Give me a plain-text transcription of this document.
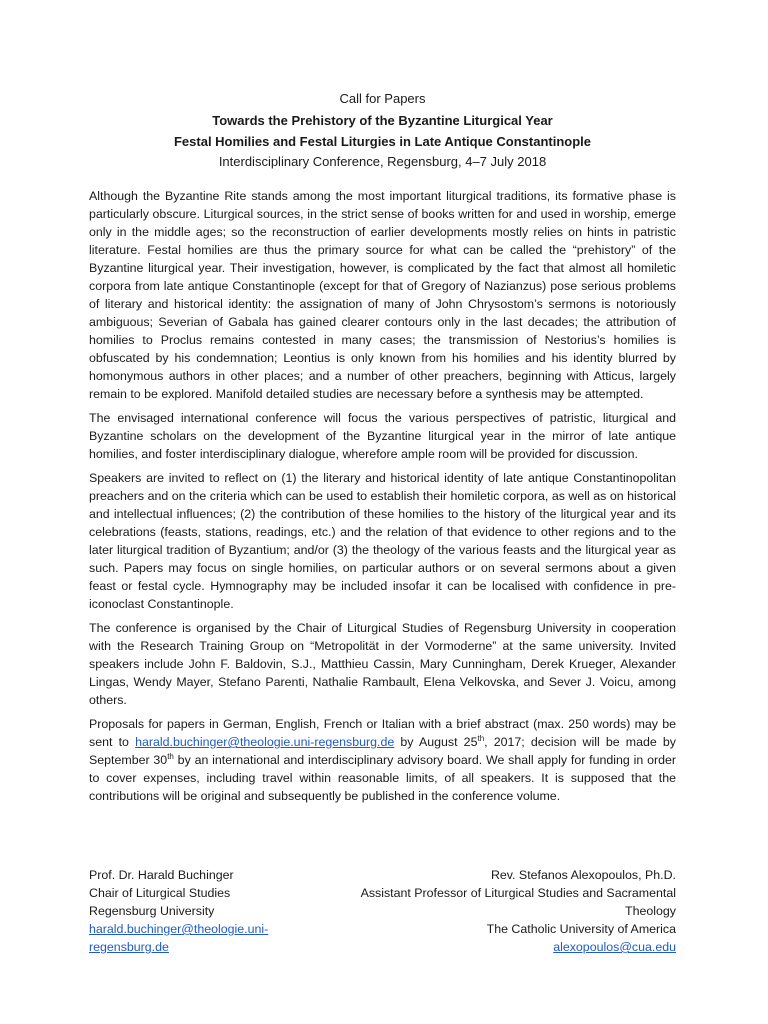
Call for Papers
Towards the Prehistory of the Byzantine Liturgical Year
Festal Homilies and Festal Liturgies in Late Antique Constantinople
Interdisciplinary Conference, Regensburg, 4–7 July 2018

Although the Byzantine Rite stands among the most important liturgical traditions, its formative phase is particularly obscure. Liturgical sources, in the strict sense of books written for and used in worship, emerge only in the middle ages; so the reconstruction of earlier developments mostly relies on hints in patristic literature. Festal homilies are thus the primary source for what can be called the “prehistory” of the Byzantine liturgical year. Their investigation, however, is complicated by the fact that almost all homiletic corpora from late antique Constantinople (except for that of Gregory of Nazianzus) pose serious problems of literary and historical identity: the assignation of many of John Chrysostom’s sermons is notoriously ambiguous; Severian of Gabala has gained clearer contours only in the last decades; the attribution of homilies to Proclus remains contested in many cases; the transmission of Nestorius’s homilies is obfuscated by his condemnation; Leontius is only known from his homilies and his identity blurred by homonymous authors in other places; and a number of other preachers, beginning with Atticus, largely remain to be explored. Manifold detailed studies are necessary before a synthesis may be attempted.

The envisaged international conference will focus the various perspectives of patristic, liturgical and Byzantine scholars on the development of the Byzantine liturgical year in the mirror of late antique homilies, and foster interdisciplinary dialogue, wherefore ample room will be provided for discussion.

Speakers are invited to reflect on (1) the literary and historical identity of late antique Constantinopolitan preachers and on the criteria which can be used to establish their homiletic corpora, as well as on historical and intellectual influences; (2) the contribution of these homilies to the history of the liturgical year and its celebrations (feasts, stations, readings, etc.) and the relation of that evidence to other regions and to the later liturgical tradition of Byzantium; and/or (3) the theology of the various feasts and the liturgical year as such. Papers may focus on single homilies, on particular authors or on several sermons about a given feast or festal cycle. Hymnography may be included insofar it can be localised with confidence in pre-iconoclast Constantinople.

The conference is organised by the Chair of Liturgical Studies of Regensburg University in cooperation with the Research Training Group on “Metropolität in der Vormoderne” at the same university. Invited speakers include John F. Baldovin, S.J., Matthieu Cassin, Mary Cunningham, Derek Krueger, Alexander Lingas, Wendy Mayer, Stefano Parenti, Nathalie Rambault, Elena Velkovska, and Sever J. Voicu, among others.

Proposals for papers in German, English, French or Italian with a brief abstract (max. 250 words) may be sent to harald.buchinger@theologie.uni-regensburg.de by August 25th, 2017; decision will be made by September 30th by an international and interdisciplinary advisory board. We shall apply for funding in order to cover expenses, including travel within reasonable limits, of all speakers. It is supposed that the contributions will be original and subsequently be published in the conference volume.

Prof. Dr. Harald Buchinger
Chair of Liturgical Studies
Regensburg University
harald.buchinger@theologie.uni-regensburg.de
Rev. Stefanos Alexopoulos, Ph.D.
Assistant Professor of Liturgical Studies and Sacramental Theology
The Catholic University of America
alexopoulos@cua.edu
